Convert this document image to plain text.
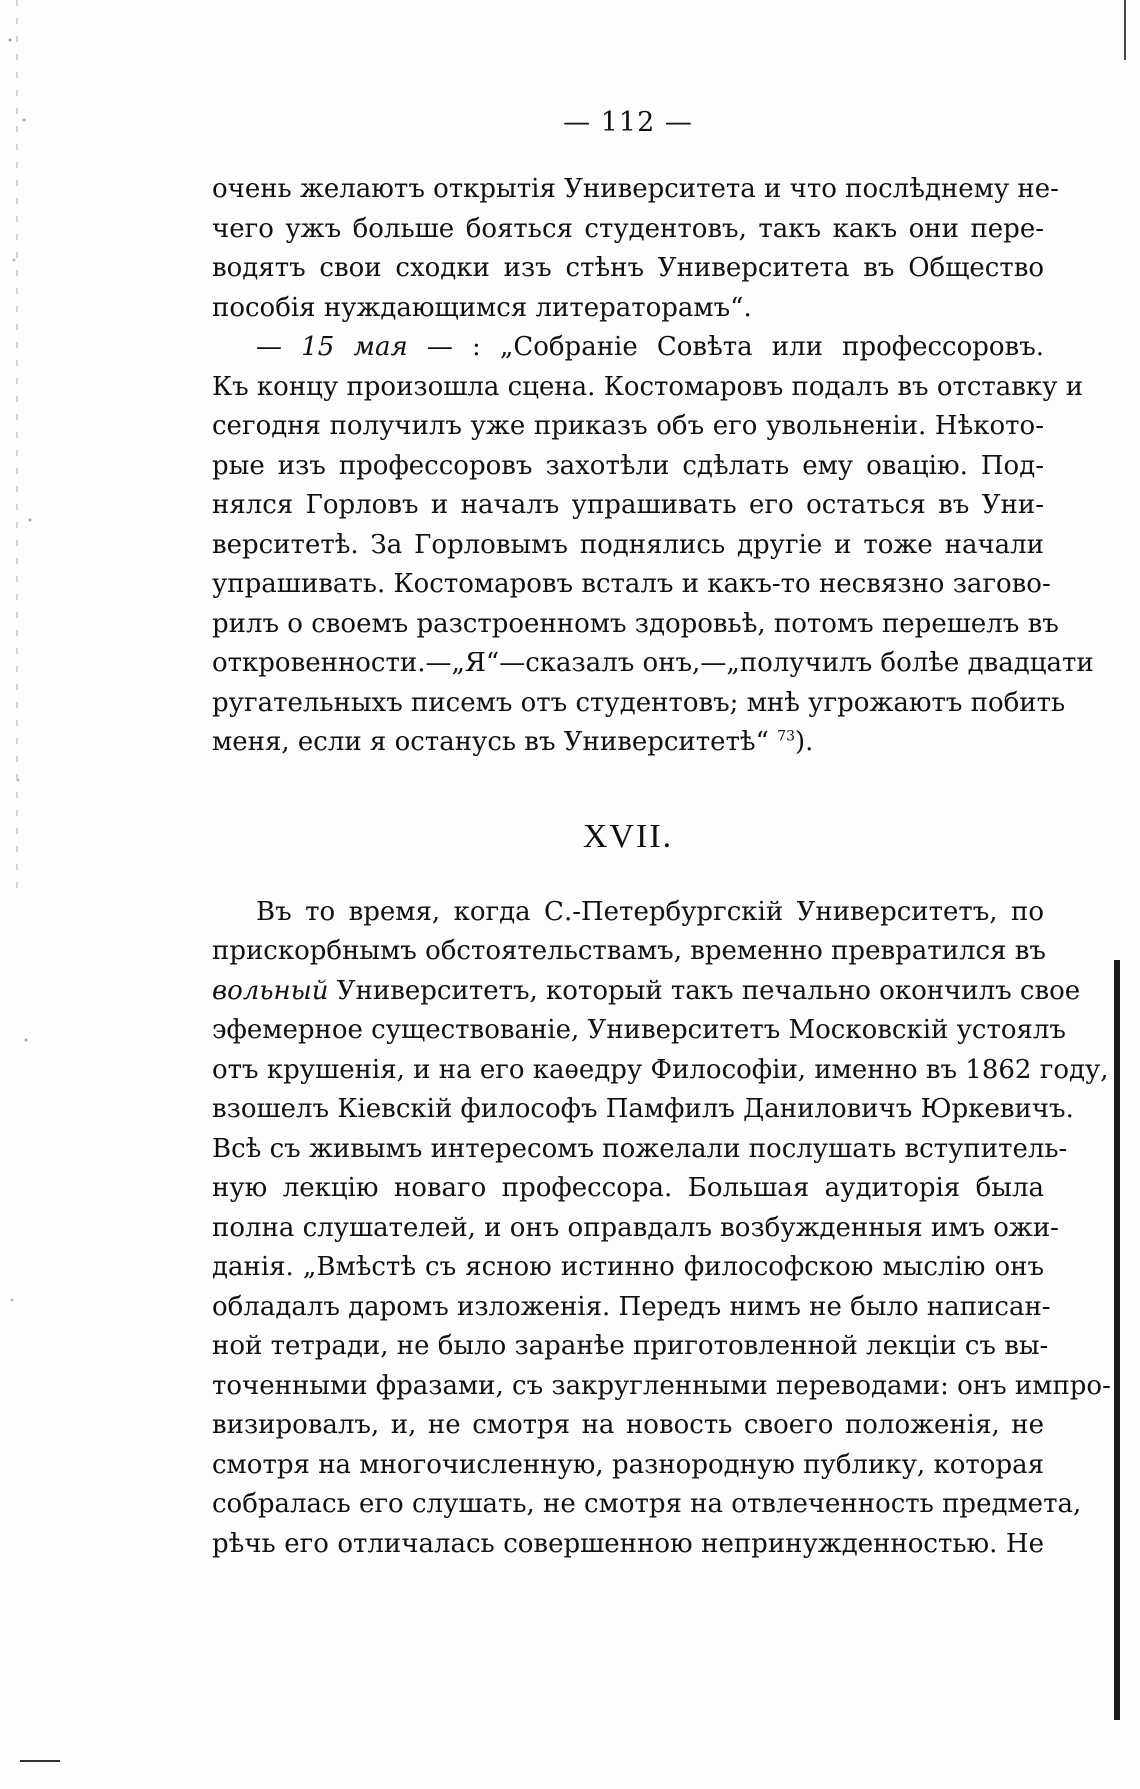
— 112 —
очень желаютъ открытія Университета и что послѣднему не-
чего ужъ больше бояться студентовъ, такъ какъ они пере-
водятъ свои сходки изъ стѣнъ Университета въ Общество
пособія нуждающимся литераторамъ“.
— 15 мая — : „Собраніе Совѣта или профессоровъ.
Къ концу произошла сцена. Костомаровъ подалъ въ отставку и
сегодня получилъ уже приказъ объ его увольненіи. Нѣкото-
рые изъ профессоровъ захотѣли сдѣлать ему овацію. Под-
нялся Горловъ и началъ упрашивать его остаться въ Уни-
верситетѣ. За Горловымъ поднялись другіе и тоже начали
упрашивать. Костомаровъ всталъ и какъ-то несвязно загово-
рилъ о своемъ разстроенномъ здоровьѣ, потомъ перешелъ въ
откровенности.—„Я“—сказалъ онъ,—„получилъ болѣе двадцати
ругательныхъ писемъ отъ студентовъ; мнѣ угрожаютъ побить
меня, если я останусь въ Университетѣ“ $^{73}$).
XVII.
Въ то время, когда С.-Петербургскій Университетъ, по
прискорбнымъ обстоятельствамъ, временно превратился въ
вольный Университетъ, который такъ печально окончилъ свое
эфемерное существованіе, Университетъ Московскій устоялъ
отъ крушенія, и на его каѳедру Философіи, именно въ 1862 году,
взошелъ Кіевскій философъ Памфилъ Даниловичъ Юркевичъ.
Всѣ съ живымъ интересомъ пожелали послушать вступитель-
ную лекцію новаго профессора. Большая аудиторія была
полна слушателей, и онъ оправдалъ возбужденныя имъ ожи-
данія. „Вмѣстѣ съ ясною истинно философскою мыслію онъ
обладалъ даромъ изложенія. Передъ нимъ не было написан-
ной тетради, не было заранѣе приготовленной лекціи съ вы-
точенными фразами, съ закругленными переводами: онъ импро-
визировалъ, и, не смотря на новость своего положенія, не
смотря на многочисленную, разнородную публику, которая
собралась его слушать, не смотря на отвлеченность предмета,
рѣчь его отличалась совершенною непринужденностью. Не
